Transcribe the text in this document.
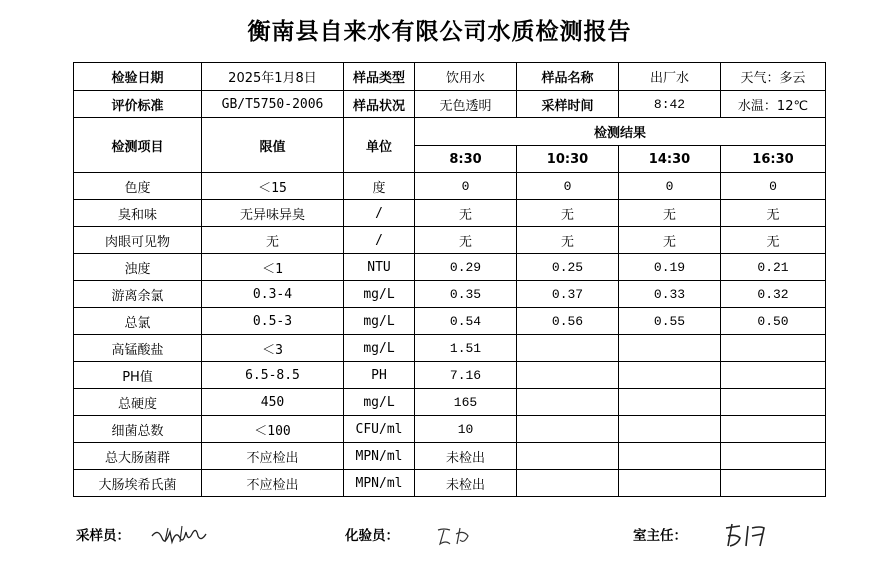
衡南县自来水有限公司水质检测报告
检验日期	2025年1月8日	样品类型	饮用水	样品名称	出厂水	天气：多云
评价标准	GB/T5750-2006	样品状况	无色透明	采样时间	8:42	水温：12℃
检测项目	限值	单位	检测结果			
			8:30	10:30	14:30	16:30
色度	＜15	度	0	0	0	0
臭和味	无异味异臭	/	无	无	无	无
肉眼可见物	无	/	无	无	无	无
浊度	＜1	NTU	0.29	0.25	0.19	0.21
游离余氯	0.3-4	mg/L	0.35	0.37	0.33	0.32
总氯	0.5-3	mg/L	0.54	0.56	0.55	0.50
高锰酸盐	＜3	mg/L	1.51			
PH值	6.5-8.5	PH	7.16			
总硬度	450	mg/L	165			
细菌总数	＜100	CFU/ml	10			
总大肠菌群	不应检出	MPN/ml	未检出			
大肠埃希氏菌	不应检出	MPN/ml	未检出			
采样员：	化验员：	室主任：
